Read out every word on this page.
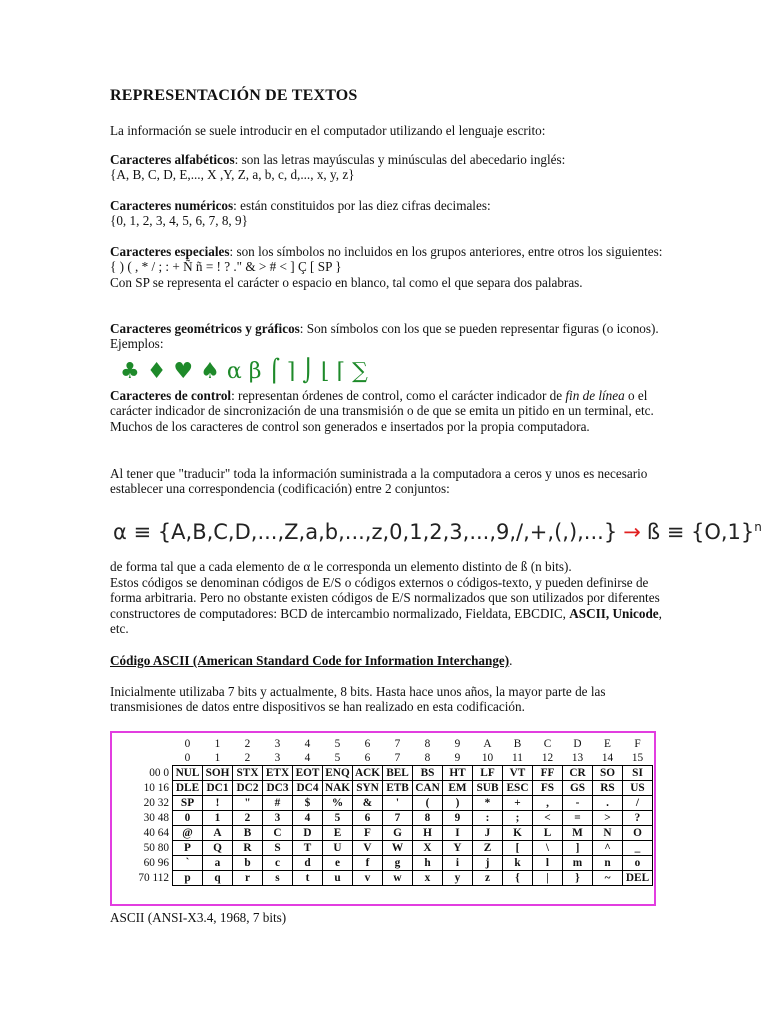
REPRESENTACIÓN DE TEXTOS

La información se suele introducir en el computador utilizando el lenguaje escrito:

Caracteres alfabéticos: son las letras mayúsculas y minúsculas del abecedario inglés:
{A, B, C, D, E,..., X ,Y, Z, a, b, c, d,..., x, y, z}

Caracteres numéricos: están constituidos por las diez cifras decimales:
{0, 1, 2, 3, 4, 5, 6, 7, 8, 9}

Caracteres especiales: son los símbolos no incluidos en los grupos anteriores, entre otros los siguientes:
{ ) ( , * / ; : + Ñ ñ = ! ? ." & > # < ] Ç [ SP }
Con SP se representa el carácter o espacio en blanco, tal como el que separa dos palabras.

Caracteres geométricos y gráficos: Son símbolos con los que se pueden representar figuras (o iconos). Ejemplos:

♣ ♦ ♥ ♠ α β ⌠ ⌉ ⌡ ⌊ ⌈ ∑

Caracteres de control: representan órdenes de control, como el carácter indicador de fin de línea o el carácter indicador de sincronización de una transmisión o de que se emita un pitido en un terminal, etc. Muchos de los caracteres de control son generados e insertados por la propia computadora.

Al tener que "traducir" toda la información suministrada a la computadora a ceros y unos es necesario establecer una correspondencia (codificación) entre 2 conjuntos:

α ≡ {A,B,C,D,...,Z,a,b,...,z,0,1,2,3,...,9,/,+,(,),...} → ß ≡ $\{O,1\}^n$

de forma tal que a cada elemento de α le corresponda un elemento distinto de ß (n bits).

Estos códigos se denominan códigos de E/S o códigos externos o códigos-texto, y pueden definirse de forma arbitraria. Pero no obstante existen códigos de E/S normalizados que son utilizados por diferentes constructores de computadores: BCD de intercambio normalizado, Fieldata, EBCDIC, ASCII, Unicode, etc.

Código ASCII (American Standard Code for Information Interchange).

Inicialmente utilizaba 7 bits y actualmente, 8 bits. Hasta hace unos años, la mayor parte de las transmisiones de datos entre dispositivos se han realizado en esta codificación.

	0	1	2	3	4	5	6	7	8	9	A	B	C	D	E	F
	0	1	2	3	4	5	6	7	8	9	10	11	12	13	14	15
00 0	NUL	SOH	STX	ETX	EOT	ENQ	ACK	BEL	BS	HT	LF	VT	FF	CR	SO	SI
10 16	DLE	DC1	DC2	DC3	DC4	NAK	SYN	ETB	CAN	EM	SUB	ESC	FS	GS	RS	US
20 32	SP	!	"	#	$	%	&	'	(	)	*	+	,	-	.	/
30 48	0	1	2	3	4	5	6	7	8	9	:	;	<	=	>	?
40 64	@	A	B	C	D	E	F	G	H	I	J	K	L	M	N	O
50 80	P	Q	R	S	T	U	V	W	X	Y	Z	[	\	]	^	_
60 96	`	a	b	c	d	e	f	g	h	i	j	k	l	m	n	o
70 112	p	q	r	s	t	u	v	w	x	y	z	{	|	}	~	DEL

ASCII (ANSI-X3.4, 1968, 7 bits)
